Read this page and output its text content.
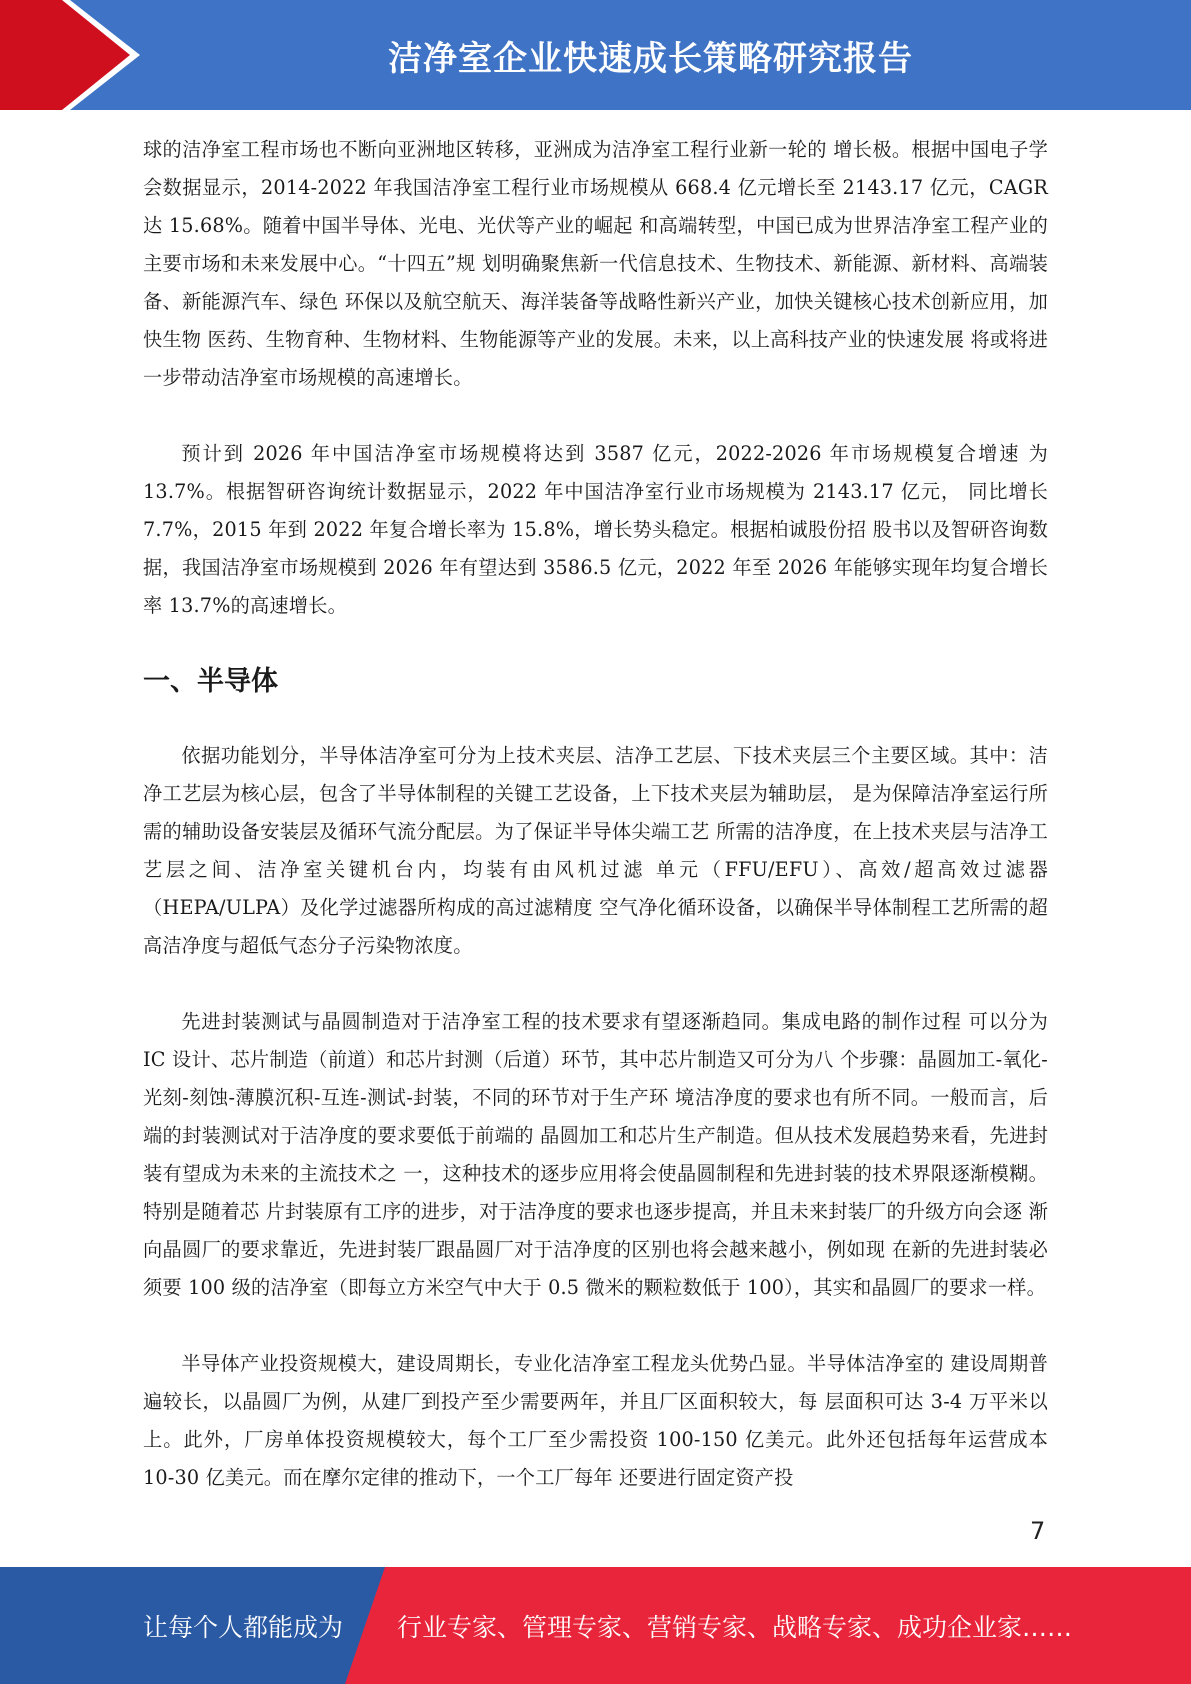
洁净室企业快速成长策略研究报告

球的洁净室工程市场也不断向亚洲地区转移，亚洲成为洁净室工程行业新一轮的 增长极。根据中国电子学会数据显示，2014-2022 年我国洁净室工程行业市场规模从 668.4 亿元增长至 2143.17 亿元，CAGR 达 15.68%。随着中国半导体、光电、光伏等产业的崛起 和高端转型，中国已成为世界洁净室工程产业的主要市场和未来发展中心。“十四五”规 划明确聚焦新一代信息技术、生物技术、新能源、新材料、高端装备、新能源汽车、绿色 环保以及航空航天、海洋装备等战略性新兴产业，加快关键核心技术创新应用，加快生物 医药、生物育种、生物材料、生物能源等产业的发展。未来，以上高科技产业的快速发展 将或将进一步带动洁净室市场规模的高速增长。

预计到 2026 年中国洁净室市场规模将达到 3587 亿元，2022-2026 年市场规模复合增速 为 13.7%。根据智研咨询统计数据显示，2022 年中国洁净室行业市场规模为 2143.17 亿元， 同比增长 7.7%，2015 年到 2022 年复合增长率为 15.8%，增长势头稳定。根据柏诚股份招 股书以及智研咨询数据，我国洁净室市场规模到 2026 年有望达到 3586.5 亿元，2022 年至 2026 年能够实现年均复合增长率 13.7%的高速增长。

一、半导体

依据功能划分，半导体洁净室可分为上技术夹层、洁净工艺层、下技术夹层三个主要区域。其中：洁净工艺层为核心层，包含了半导体制程的关键工艺设备，上下技术夹层为辅助层， 是为保障洁净室运行所需的辅助设备安装层及循环气流分配层。为了保证半导体尖端工艺 所需的洁净度，在上技术夹层与洁净工艺层之间、洁净室关键机台内，均装有由风机过滤 单元（FFU/EFU）、高效/超高效过滤器（HEPA/ULPA）及化学过滤器所构成的高过滤精度 空气净化循环设备，以确保半导体制程工艺所需的超高洁净度与超低气态分子污染物浓度。

先进封装测试与晶圆制造对于洁净室工程的技术要求有望逐渐趋同。集成电路的制作过程 可以分为 IC 设计、芯片制造（前道）和芯片封测（后道）环节，其中芯片制造又可分为八 个步骤：晶圆加工-氧化-光刻-刻蚀-薄膜沉积-互连-测试-封装，不同的环节对于生产环 境洁净度的要求也有所不同。一般而言，后端的封装测试对于洁净度的要求要低于前端的 晶圆加工和芯片生产制造。但从技术发展趋势来看，先进封装有望成为未来的主流技术之 一，这种技术的逐步应用将会使晶圆制程和先进封装的技术界限逐渐模糊。特别是随着芯 片封装原有工序的进步，对于洁净度的要求也逐步提高，并且未来封装厂的升级方向会逐 渐向晶圆厂的要求靠近，先进封装厂跟晶圆厂对于洁净度的区别也将会越来越小，例如现 在新的先进封装必须要 100 级的洁净室（即每立方米空气中大于 0.5 微米的颗粒数低于 100），其实和晶圆厂的要求一样。

半导体产业投资规模大，建设周期长，专业化洁净室工程龙头优势凸显。半导体洁净室的 建设周期普遍较长，以晶圆厂为例，从建厂到投产至少需要两年，并且厂区面积较大，每 层面积可达 3-4 万平米以上。此外，厂房单体投资规模较大，每个工厂至少需投资 100-150 亿美元。此外还包括每年运营成本 10-30 亿美元。而在摩尔定律的推动下，一个工厂每年 还要进行固定资产投

7
让每个人都能成为 行业专家、管理专家、营销专家、战略专家、成功企业家……
